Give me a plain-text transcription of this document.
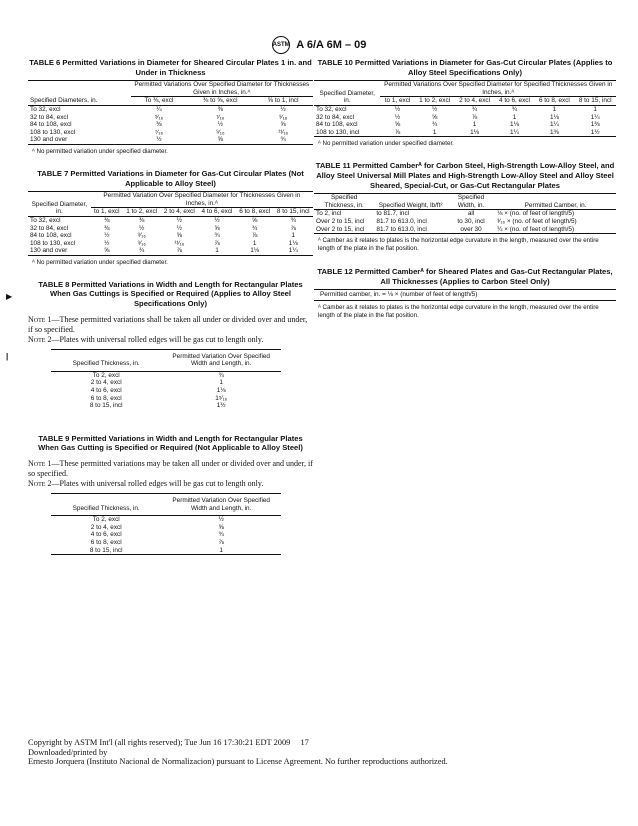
ASTM A 6/A 6M – 09
TABLE 6 Permitted Variations in Diameter for Sheared Circular Plates 1 in. and Under in Thickness
Specified Diameters, in.	Permitted Variations Over Specified Diameter for Thicknesses Given in Inches, in.ᴬ		
	To ⅜, excl	⅜ to ⅝, excl	⅝ to 1, incl
To 32, excl	¼	⅜	½
32 to 84, excl	⁵⁄₁₆	⁷⁄₁₆	⁹⁄₁₆
84 to 108, excl	⅜	½	⅝
108 to 130, excl	⁷⁄₁₆	⁹⁄₁₆	¹¹⁄₁₆
130 and over	½	⅝	¾
ᴬ No permitted variation under specified diameter.
TABLE 7 Permitted Variations in Diameter for Gas-Cut Circular Plates (Not Applicable to Alloy Steel)
Specified Diameter, in.	Permitted Variation Over Specified Diameter for Thicknesses Given in Inches, in.ᴬ					
	to 1, excl	1 to 2, excl	2 to 4, excl	4 to 6, excl	6 to 8, excl	8 to 15, incl
To 32, excl	⅜	⅜	½	½	⅝	¾
32 to 84, excl	⅜	½	½	⅝	¾	⅞
84 to 108, excl	½	⁹⁄₁₆	⅝	¾	⅞	1
108 to 130, excl	½	⁹⁄₁₆	¹¹⁄₁₆	⅞	1	1⅛
130 and over	⅝	¾	⅞	1	1⅛	1¼
ᴬ No permitted variation under specified diameter.
TABLE 8 Permitted Variations in Width and Length for Rectangular Plates When Gas Cuttings is Specified or Required (Applies to Alloy Steel Specifications Only)

Note 1—These permitted variations shall be taken all under or divided over and under, if so specified.

Note 2—Plates with universal rolled edges will be gas cut to length only.

Specified Thickness, in.	Permitted Variation Over Specified Width and Length, in.
To 2, excl	¾
2 to 4, excl	1
4 to 6, excl	1⅛
6 to 8, excl	1⁵⁄₁₆
8 to 15, incl	1½
TABLE 9 Permitted Variations in Width and Length for Rectangular Plates When Gas Cutting is Specified or Required (Not Applicable to Alloy Steel)

Note 1—These permitted variations may be taken all under or divided over and under, if so specified.

Note 2—Plates with universal rolled edges will be gas cut to length only.

Specified Thickness, in.	Permitted Variation Over Specified Width and Length, in.
To 2, excl	½
2 to 4, excl	⅝
4 to 6, excl	¾
6 to 8, excl	⅞
8 to 15, incl	1
TABLE 10 Permitted Variations in Diameter for Gas-Cut Circular Plates (Applies to Alloy Steel Specifications Only)
Specified Diameter, in.	Permitted Variations Over Specified Diameter for Specified Thicknesses Given in Inches, in.ᴬ					
	to 1, excl	1 to 2, excl	2 to 4, excl	4 to 6, excl	6 to 8, excl	8 to 15, incl
To 32, excl	½	½	¾	¾	1	1
32 to 84, excl	½	⅝	⅞	1	1⅛	1¼
84 to 108, excl	⅝	¾	1	1⅛	1¼	1⅜
108 to 130, incl	⅞	1	1⅛	1¼	1⅜	1½
ᴬ No permitted variation under specified diameter.
TABLE 11 Permitted Camberᴬ for Carbon Steel, High-Strength Low-Alloy Steel, and Alloy Steel Universal Mill Plates and High-Strength Low-Alloy Steel and Alloy Steel Sheared, Special-Cut, or Gas-Cut Rectangular Plates
Specified Thickness, in.	Specified Weight, lb/ft²	Specified Width, in.	Permitted Camber, in.
To 2, incl	to 81.7, incl	all	⅛ × (no. of feet of length/5)
Over 2 to 15, incl	81.7 to 613.0, incl	to 30, incl	³⁄₁₆ × (no. of feet of length/5)
Over 2 to 15, incl	81.7 to 613.0, incl	over 30	¼ × (no. of feet of length/5)
ᴬ Camber as it relates to plates is the horizontal edge curvature in the length, measured over the entire length of the plate in the flat position.
TABLE 12 Permitted Camberᴬ for Sheared Plates and Gas-Cut Rectangular Plates, All Thicknesses (Applies to Carbon Steel Only)
Permitted camber, in. = ⅛ × (number of feet of length/5)
ᴬ Camber as it relates to plates is the horizontal edge curvature in the length, measured over the entire length of the plate in the flat position.
▶
|
Copyright by ASTM Int'l (all rights reserved); Tue Jun 16 17:30:21 EDT 2009 17
Downloaded/printed by
Ernesto Jorquera (Instituto Nacional de Normalizacion) pursuant to License Agreement. No further reproductions authorized.
